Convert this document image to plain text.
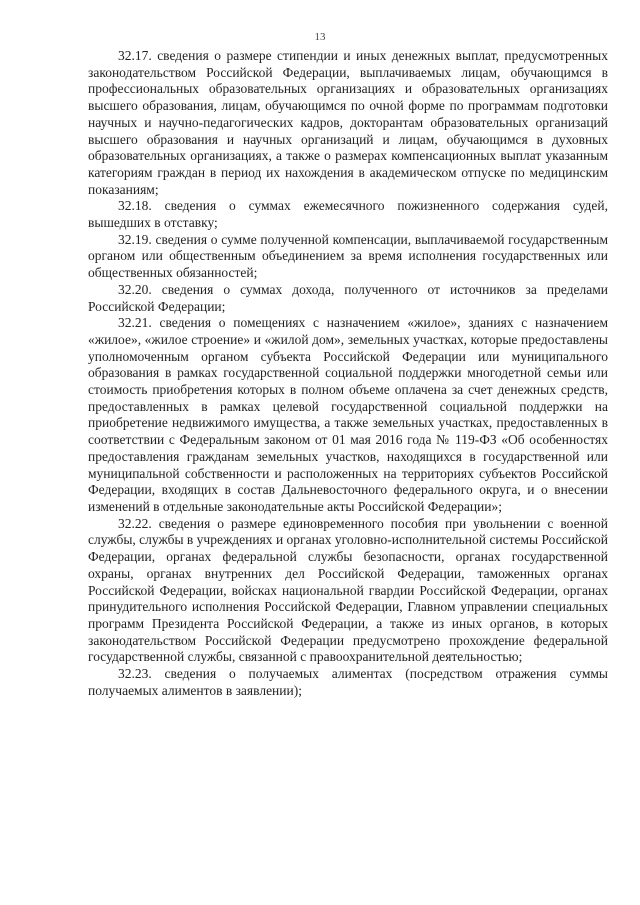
13

32.17. сведения о размере стипендии и иных денежных выплат, предусмотренных законодательством Российской Федерации, выплачиваемых лицам, обучающимся в профессиональных образовательных организациях и образовательных организациях высшего образования, лицам, обучающимся по очной форме по программам подготовки научных и научно-педагогических кадров, докторантам образовательных организаций высшего образования и научных организаций и лицам, обучающимся в духовных образовательных организациях, а также о размерах компенсационных выплат указанным категориям граждан в период их нахождения в академическом отпуске по медицинским показаниям;

32.18. сведения о суммах ежемесячного пожизненного содержания судей, вышедших в отставку;

32.19. сведения о сумме полученной компенсации, выплачиваемой государственным органом или общественным объединением за время исполнения государственных или общественных обязанностей;

32.20. сведения о суммах дохода, полученного от источников за пределами Российской Федерации;

32.21. сведения о помещениях с назначением «жилое», зданиях с назначением «жилое», «жилое строение» и «жилой дом», земельных участках, которые предоставлены уполномоченным органом субъекта Российской Федерации или муниципального образования в рамках государственной социальной поддержки многодетной семьи или стоимость приобретения которых в полном объеме оплачена за счет денежных средств, предоставленных в рамках целевой государственной социальной поддержки на приобретение недвижимого имущества, а также земельных участках, предоставленных в соответствии с Федеральным законом от 01 мая 2016 года № 119-ФЗ «Об особенностях предоставления гражданам земельных участков, находящихся в государственной или муниципальной собственности и расположенных на территориях субъектов Российской Федерации, входящих в состав Дальневосточного федерального округа, и о внесении изменений в отдельные законодательные акты Российской Федерации»;

32.22. сведения о размере единовременного пособия при увольнении с военной службы, службы в учреждениях и органах уголовно-исполнительной системы Российской Федерации, органах федеральной службы безопасности, органах государственной охраны, органах внутренних дел Российской Федерации, таможенных органах Российской Федерации, войсках национальной гвардии Российской Федерации, органах принудительного исполнения Российской Федерации, Главном управлении специальных программ Президента Российской Федерации, а также из иных органов, в которых законодательством Российской Федерации предусмотрено прохождение федеральной государственной службы, связанной с правоохранительной деятельностью;

32.23. сведения о получаемых алиментах (посредством отражения суммы получаемых алиментов в заявлении);
